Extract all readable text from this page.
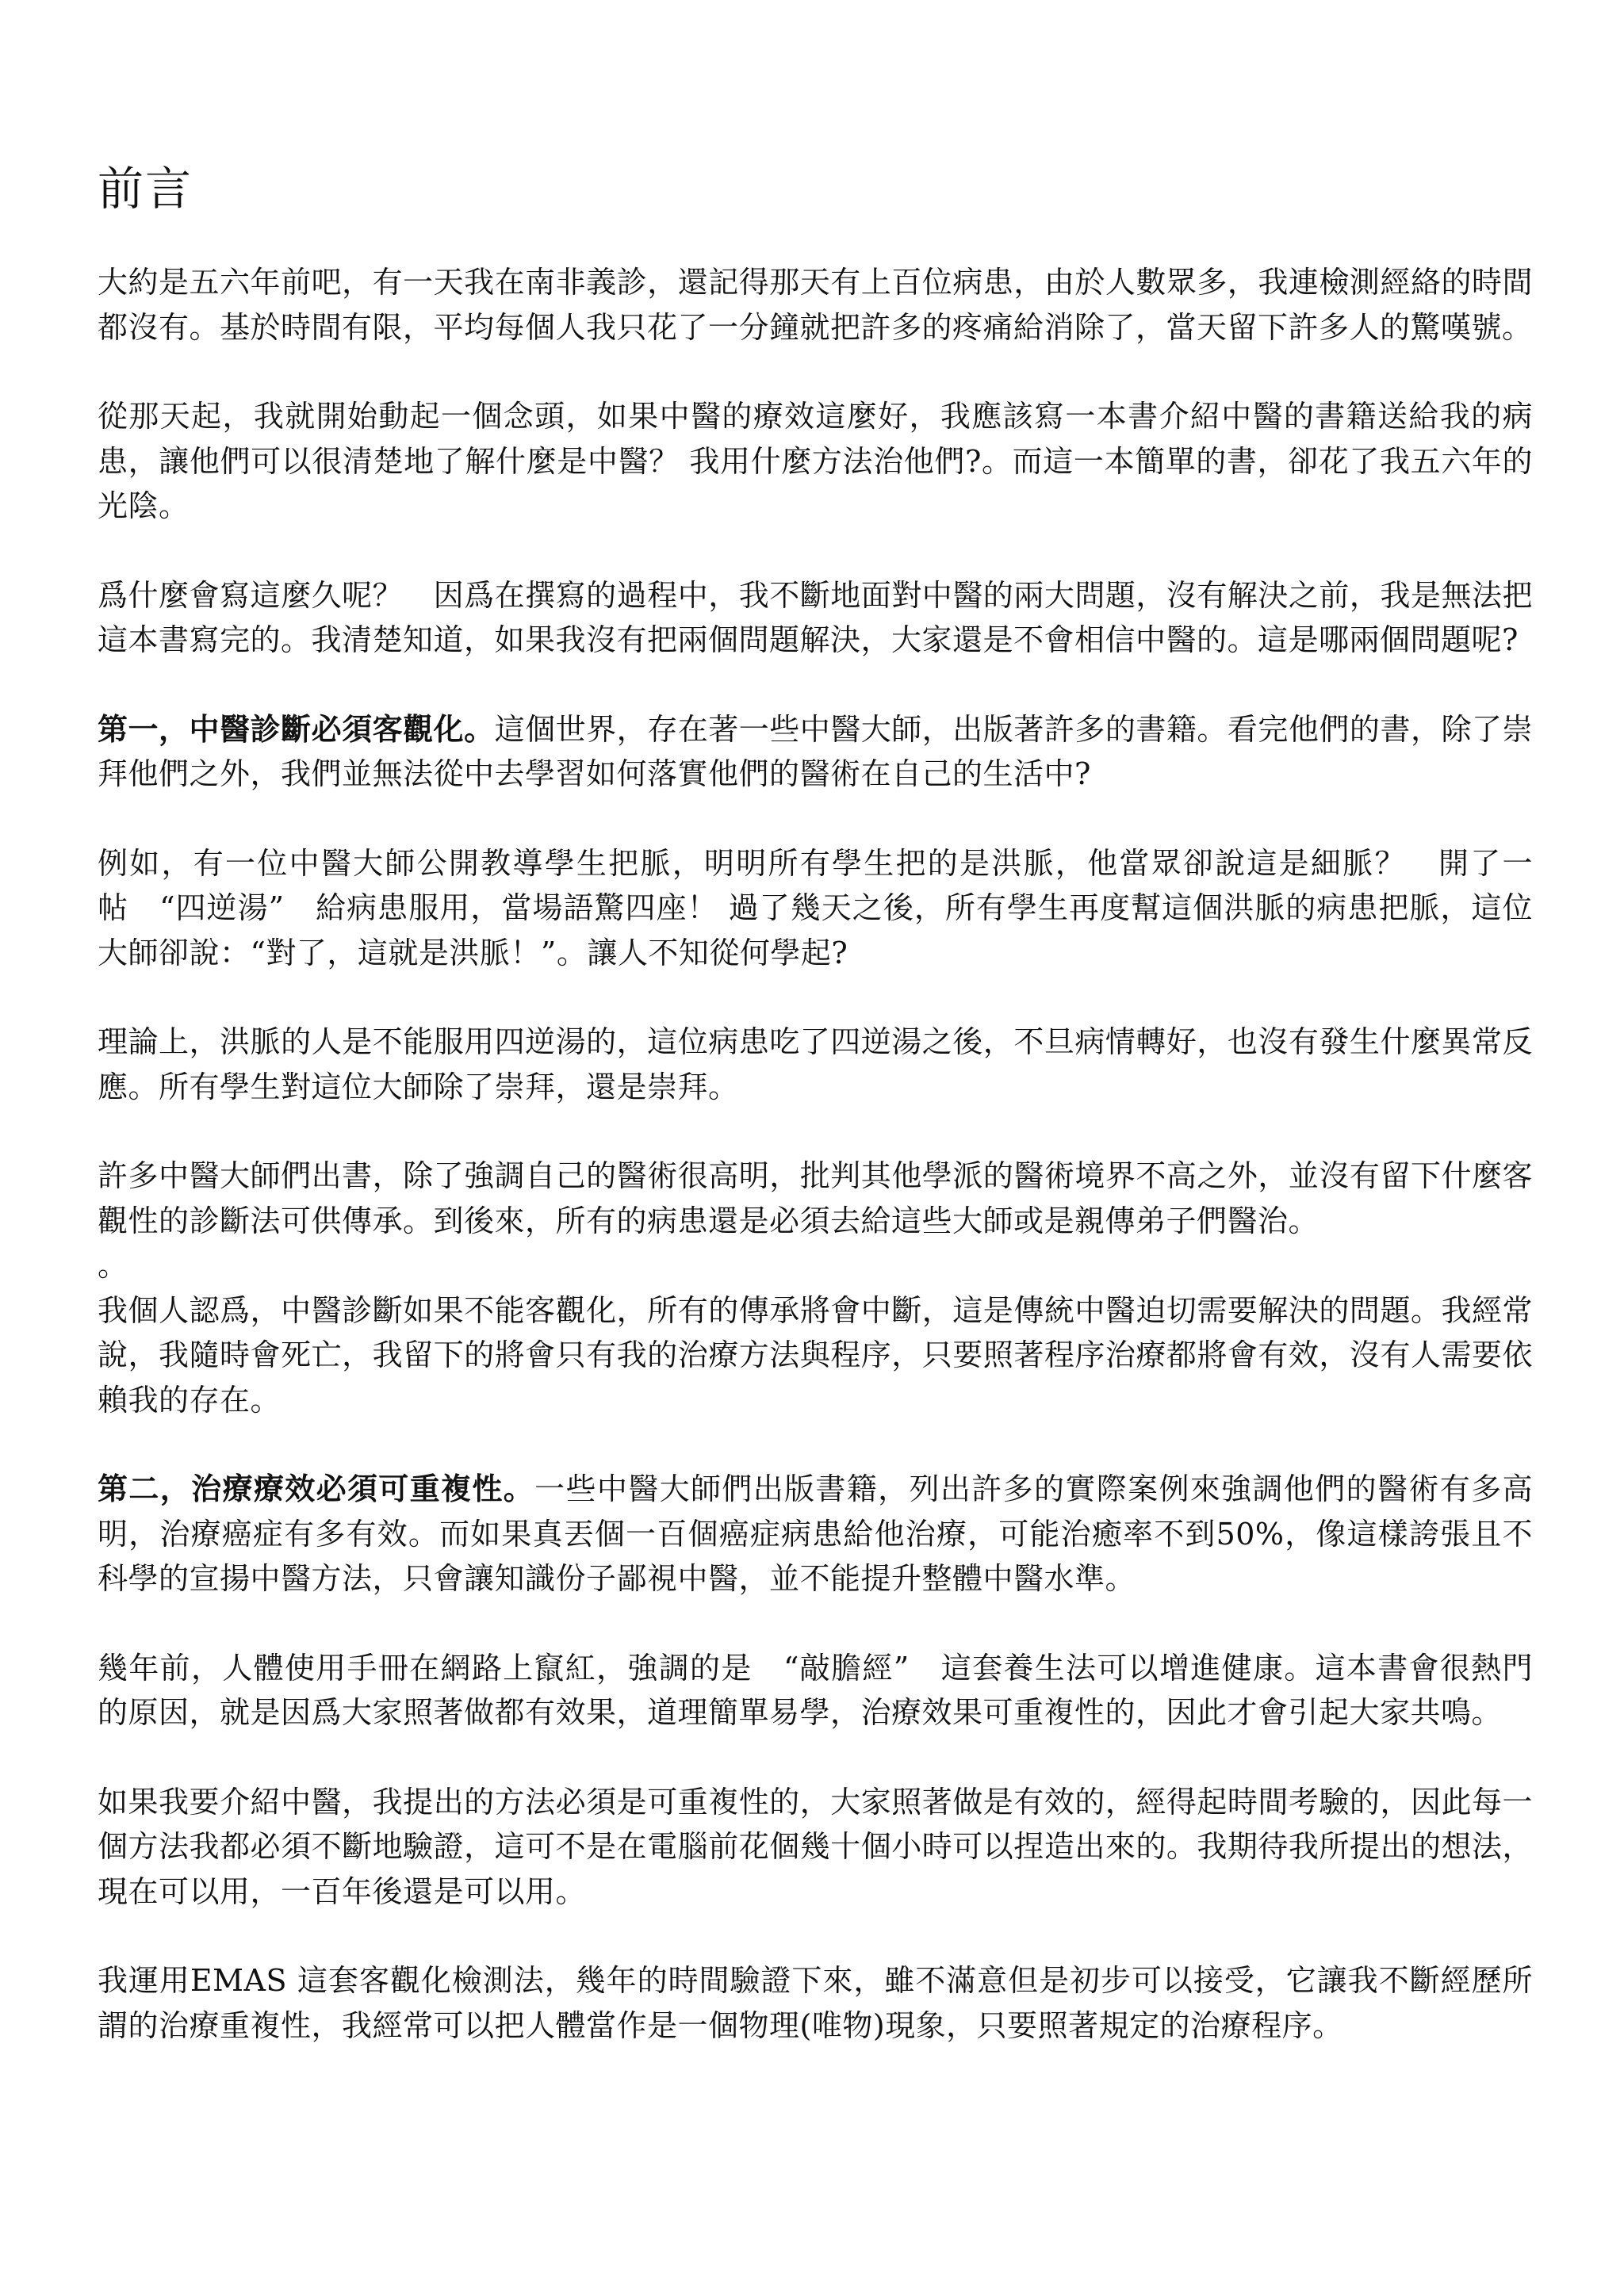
前言

大約是五六年前吧，有一天我在南非義診，還記得那天有上百位病患，由於人數眾多，我連檢測經絡的時間都沒有。基於時間有限，平均每個人我只花了一分鐘就把許多的疼痛給消除了，當天留下許多人的驚嘆號。

從那天起，我就開始動起一個念頭，如果中醫的療效這麼好，我應該寫一本書介紹中醫的書籍送給我的病患，讓他們可以很清楚地了解什麼是中醫？ 我用什麼方法治他們?。而這一本簡單的書，卻花了我五六年的光陰。

爲什麼會寫這麼久呢？　因爲在撰寫的過程中，我不斷地面對中醫的兩大問題，沒有解決之前，我是無法把這本書寫完的。我清楚知道，如果我沒有把兩個問題解決，大家還是不會相信中醫的。這是哪兩個問題呢?

第一，中醫診斷必須客觀化。這個世界，存在著一些中醫大師，出版著許多的書籍。看完他們的書，除了崇拜他們之外，我們並無法從中去學習如何落實他們的醫術在自己的生活中?

例如，有一位中醫大師公開教導學生把脈，明明所有學生把的是洪脈，他當眾卻說這是細脈？　開了一帖　“四逆湯”　給病患服用，當場語驚四座！ 過了幾天之後，所有學生再度幫這個洪脈的病患把脈，這位大師卻說：“對了，這就是洪脈！”。讓人不知從何學起?

理論上，洪脈的人是不能服用四逆湯的，這位病患吃了四逆湯之後，不旦病情轉好，也沒有發生什麼異常反應。所有學生對這位大師除了崇拜，還是崇拜。

許多中醫大師們出書，除了強調自己的醫術很高明，批判其他學派的醫術境界不高之外，並沒有留下什麼客觀性的診斷法可供傳承。到後來，所有的病患還是必須去給這些大師或是親傳弟子們醫治。

。

我個人認爲，中醫診斷如果不能客觀化，所有的傳承將會中斷，這是傳統中醫迫切需要解決的問題。我經常說，我隨時會死亡，我留下的將會只有我的治療方法與程序，只要照著程序治療都將會有效，沒有人需要依賴我的存在。

第二，治療療效必須可重複性。一些中醫大師們出版書籍，列出許多的實際案例來強調他們的醫術有多高明，治療癌症有多有效。而如果真丟個一百個癌症病患給他治療，可能治癒率不到50%，像這樣誇張且不科學的宣揚中醫方法，只會讓知識份子鄙視中醫，並不能提升整體中醫水準。

幾年前，人體使用手冊在網路上竄紅，強調的是　“敲膽經”　這套養生法可以增進健康。這本書會很熱門的原因，就是因爲大家照著做都有效果，道理簡單易學，治療效果可重複性的，因此才會引起大家共鳴。

如果我要介紹中醫，我提出的方法必須是可重複性的，大家照著做是有效的，經得起時間考驗的，因此每一個方法我都必須不斷地驗證，這可不是在電腦前花個幾十個小時可以捏造出來的。我期待我所提出的想法，現在可以用，一百年後還是可以用。

我運用EMAS 這套客觀化檢測法，幾年的時間驗證下來，雖不滿意但是初步可以接受，它讓我不斷經歷所謂的治療重複性，我經常可以把人體當作是一個物理(唯物)現象，只要照著規定的治療程序。
